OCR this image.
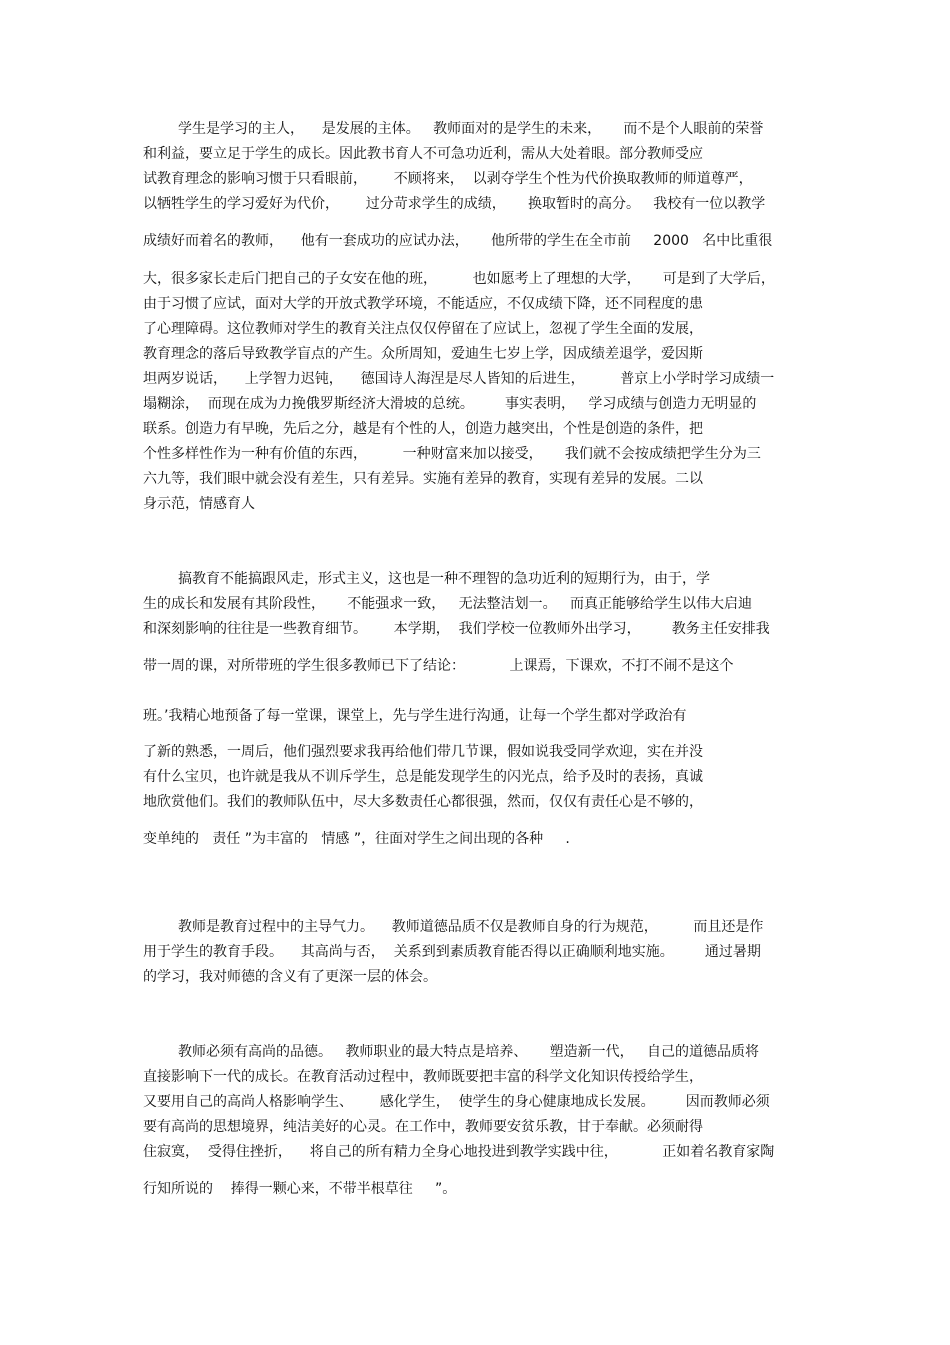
学生是学习的主人，    是发展的主体。   教师面对的是学生的未来，     而不是个人眼前的荣誉
和利益，要立足于学生的成长。因此教书育人不可急功近利，需从大处着眼。部分教师受应
试教育理念的影响习惯于只看眼前，      不顾将来，  以剥夺学生个性为代价换取教师的师道尊严，
以牺牲学生的学习爱好为代价，      过分苛求学生的成绩，     换取暂时的高分。   我校有一位以教学
成绩好而着名的教师，    他有一套成功的应试办法，     他所带的学生在全市前     2000   名中比重很
大，很多家长走后门把自己的子女安在他的班，        也如愿考上了理想的大学，     可是到了大学后，
由于习惯了应试，面对大学的开放式教学环境，不能适应，不仅成绩下降，还不同程度的患
了心理障碍。这位教师对学生的教育关注点仅仅停留在了应试上，忽视了学生全面的发展，
教育理念的落后导致教学盲点的产生。众所周知，爱迪生七岁上学，因成绩差退学，爱因斯
坦两岁说话，    上学智力迟钝，    德国诗人海涅是尽人皆知的后进生，        普京上小学时学习成绩一
塌糊涂，  而现在成为力挽俄罗斯经济大滑坡的总统。       事实表明，   学习成绩与创造力无明显的
联系。创造力有早晚，先后之分，越是有个性的人，创造力越突出，个性是创造的条件，把
个性多样性作为一种有价值的东西，        一种财富来加以接受，     我们就不会按成绩把学生分为三
六九等，我们眼中就会没有差生，只有差异。实施有差异的教育，实现有差异的发展。二以
身示范，情感育人
搞教育不能搞跟风走，形式主义，这也是一种不理智的急功近利的短期行为，由于，学
生的成长和发展有其阶段性，     不能强求一致，   无法整洁划一。   而真正能够给学生以伟大启迪
和深刻影响的往往是一些教育细节。      本学期，  我们学校一位教师外出学习，       教务主任安排我
带一周的课，对所带班的学生很多教师已下了结论：          上课焉，下课欢，不打不闹不是这个
班。’我精心地预备了每一堂课，课堂上，先与学生进行沟通，让每一个学生都对学政治有
了新的熟悉，一周后，他们强烈要求我再给他们带几节课，假如说我受同学欢迎，实在并没
有什么宝贝，也许就是我从不训斥学生，总是能发现学生的闪光点，给予及时的表扬，真诚
地欣赏他们。我们的教师队伍中，尽大多数责任心都很强，然而，仅仅有责任心是不够的，
变单纯的   责任 ”为丰富的   情感 ”，往面对学生之间出现的各种     .
教师是教育过程中的主导气力。    教师道德品质不仅是教师自身的行为规范，        而且还是作
用于学生的教育手段。    其高尚与否，  关系到到素质教育能否得以正确顺利地实施。       通过暑期
的学习，我对师德的含义有了更深一层的体会。
教师必须有高尚的品德。   教师职业的最大特点是培养、     塑造新一代，   自己的道德品质将
直接影响下一代的成长。在教育活动过程中，教师既要把丰富的科学文化知识传授给学生，
又要用自己的高尚人格影响学生、      感化学生，  使学生的身心健康地成长发展。       因而教师必须
要有高尚的思想境界，纯洁美好的心灵。在工作中，教师要安贫乐教，甘于奉献。必须耐得
住寂寞，  受得住挫折，    将自己的所有精力全身心地投进到教学实践中往，          正如着名教育家陶
行知所说的    捧得一颗心来，不带半根草往     ”。
